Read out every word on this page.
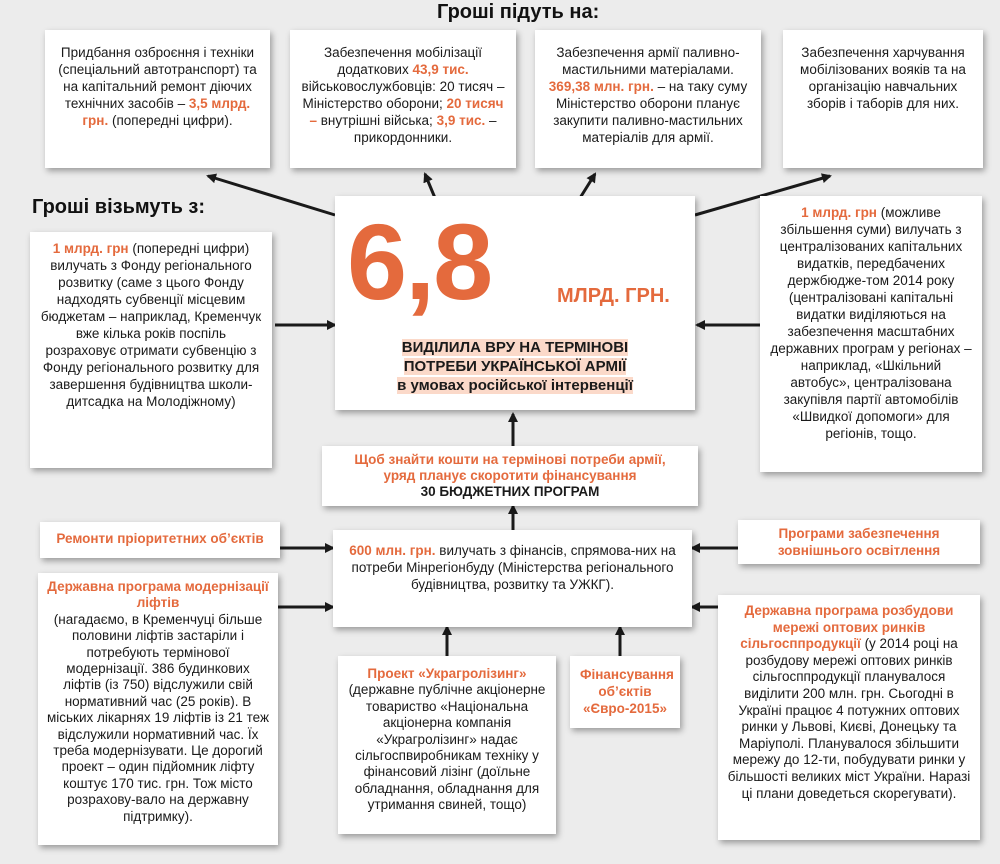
Гроші підуть на:
Гроші візьмуть з:
Придбання озброєння і техніки (спеціальний автотранспорт) та на капітальний ремонт діючих технічних засобів – 3,5 млрд. грн. (попередні цифри).
Забезпечення мобілізації додаткових 43,9 тис. військовослужбовців: 20 тисяч – Міністерство оборони; 20 тисяч – внутрішні війська; 3,9 тис. – прикордонники.
Забезпечення армії паливно-мастильними матеріалами. 369,38 млн. грн. – на таку суму Міністерство оборони планує закупити паливно-мастильних матеріалів для армії.
Забезпечення харчування мобілізованих вояків та на організацію навчальних зборів і таборів для них.
6,8	МЛРД. ГРН.
ВИДІЛИЛА ВРУ НА ТЕРМІНОВІ
ПОТРЕБИ УКРАЇНСЬКОЇ АРМІЇ
в умовах російської інтервенції
1 млрд. грн (попередні цифри) вилучать з Фонду регіонального розвитку (саме з цього Фонду надходять субвенції місцевим бюджетам – наприклад, Кременчук вже кілька років поспіль розраховує отримати субвенцію з Фонду регіонального розвитку для завершення будівництва школи-дитсадка на Молодіжному)
1 млрд. грн (можливе збільшення суми) вилучать з централізованих капітальних видатків, передбачених держбюдже-том 2014 року (централізовані капітальні видатки виділяються на забезпечення масштабних державних програм у регіонах – наприклад, «Шкільний автобус», централізована закупівля партії автомобілів «Швидкої допомоги» для регіонів, тощо.
Щоб знайти кошти на термінові потреби армії,
уряд планує скоротити фінансування
30 БЮДЖЕТНИХ ПРОГРАМ
600 млн. грн. вилучать з фінансів, спрямова-них на потреби Мінрегіонбуду (Міністерства регіонального будівництва, розвитку та УЖКГ).
Ремонти пріоритетних об’єктів	Програми забезпечення зовнішнього освітлення
Державна програма модернізації ліфтів
(нагадаємо, в Кременчуці більше половини ліфтів застаріли і потребують термінової модернізації. 386 будинкових ліфтів (із 750) відслужили свій нормативний час (25 років). В міських лікарнях 19 ліфтів із 21 теж відслужили нормативний час. Їх треба модернізувати. Це дорогий проект – один підйомник ліфту коштує 170 тис. грн. Тож місто розрахову-вало на державну підтримку).
Проект «Украгролізинг»
(державне публічне акціонерне товариство «Національна акціонерна компанія «Украгролізинг» надає сільгоспвиробникам техніку у фінансовий лізінг (доїльне обладнання, обладнання для утримання свиней, тощо)
Фінансування об’єктів «Євро-2015»
Державна програма розбудови мережі оптових ринків сільгосппродукції (у 2014 році на розбудову мережі оптових ринків сільгосппродукції планувалося виділити 200 млн. грн. Сьогодні в Україні працює 4 потужних оптових ринки у Львові, Києві, Донецьку та Маріуполі. Планувалося збільшити мережу до 12-ти, побудувати ринки у більшості великих міст України. Наразі ці плани доведеться скорегувати).
